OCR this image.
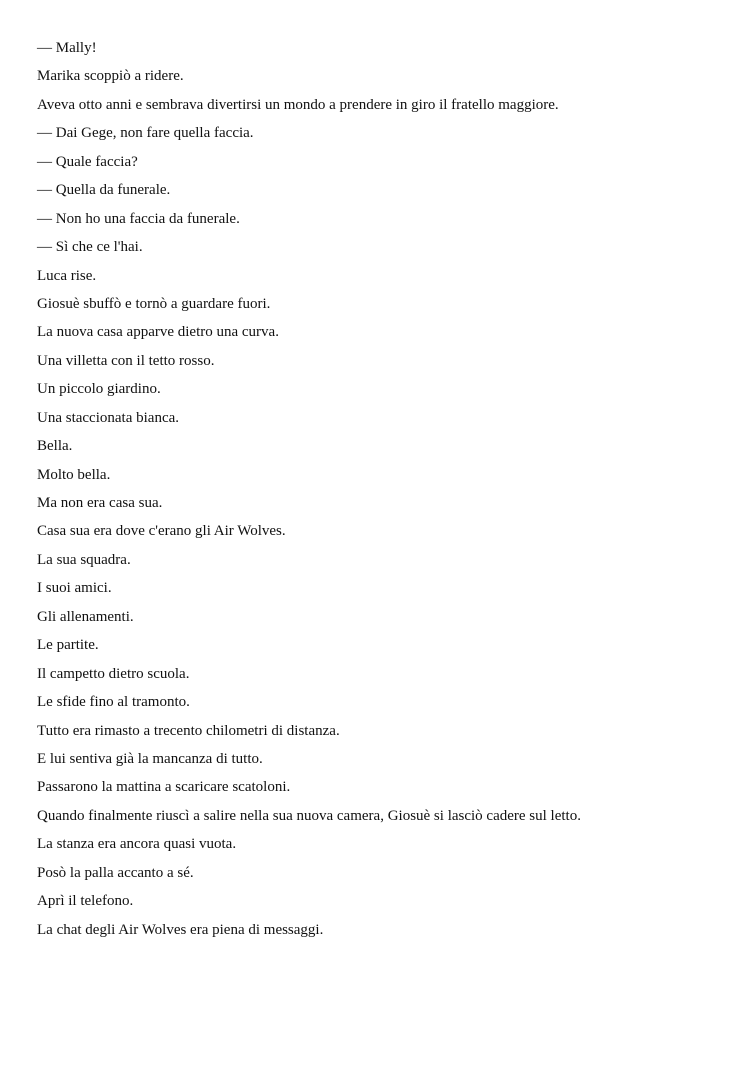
— Mally!

Marika scoppiò a ridere.

Aveva otto anni e sembrava divertirsi un mondo a prendere in giro il fratello maggiore.

— Dai Gege, non fare quella faccia.

— Quale faccia?

— Quella da funerale.

— Non ho una faccia da funerale.

— Sì che ce l'hai.

Luca rise.

Giosuè sbuffò e tornò a guardare fuori.

La nuova casa apparve dietro una curva.

Una villetta con il tetto rosso.

Un piccolo giardino.

Una staccionata bianca.

Bella.

Molto bella.

Ma non era casa sua.

Casa sua era dove c'erano gli Air Wolves.

La sua squadra.

I suoi amici.

Gli allenamenti.

Le partite.

Il campetto dietro scuola.

Le sfide fino al tramonto.

Tutto era rimasto a trecento chilometri di distanza.

E lui sentiva già la mancanza di tutto.

Passarono la mattina a scaricare scatoloni.

Quando finalmente riuscì a salire nella sua nuova camera, Giosuè si lasciò cadere sul letto.

La stanza era ancora quasi vuota.

Posò la palla accanto a sé.

Aprì il telefono.

La chat degli Air Wolves era piena di messaggi.
